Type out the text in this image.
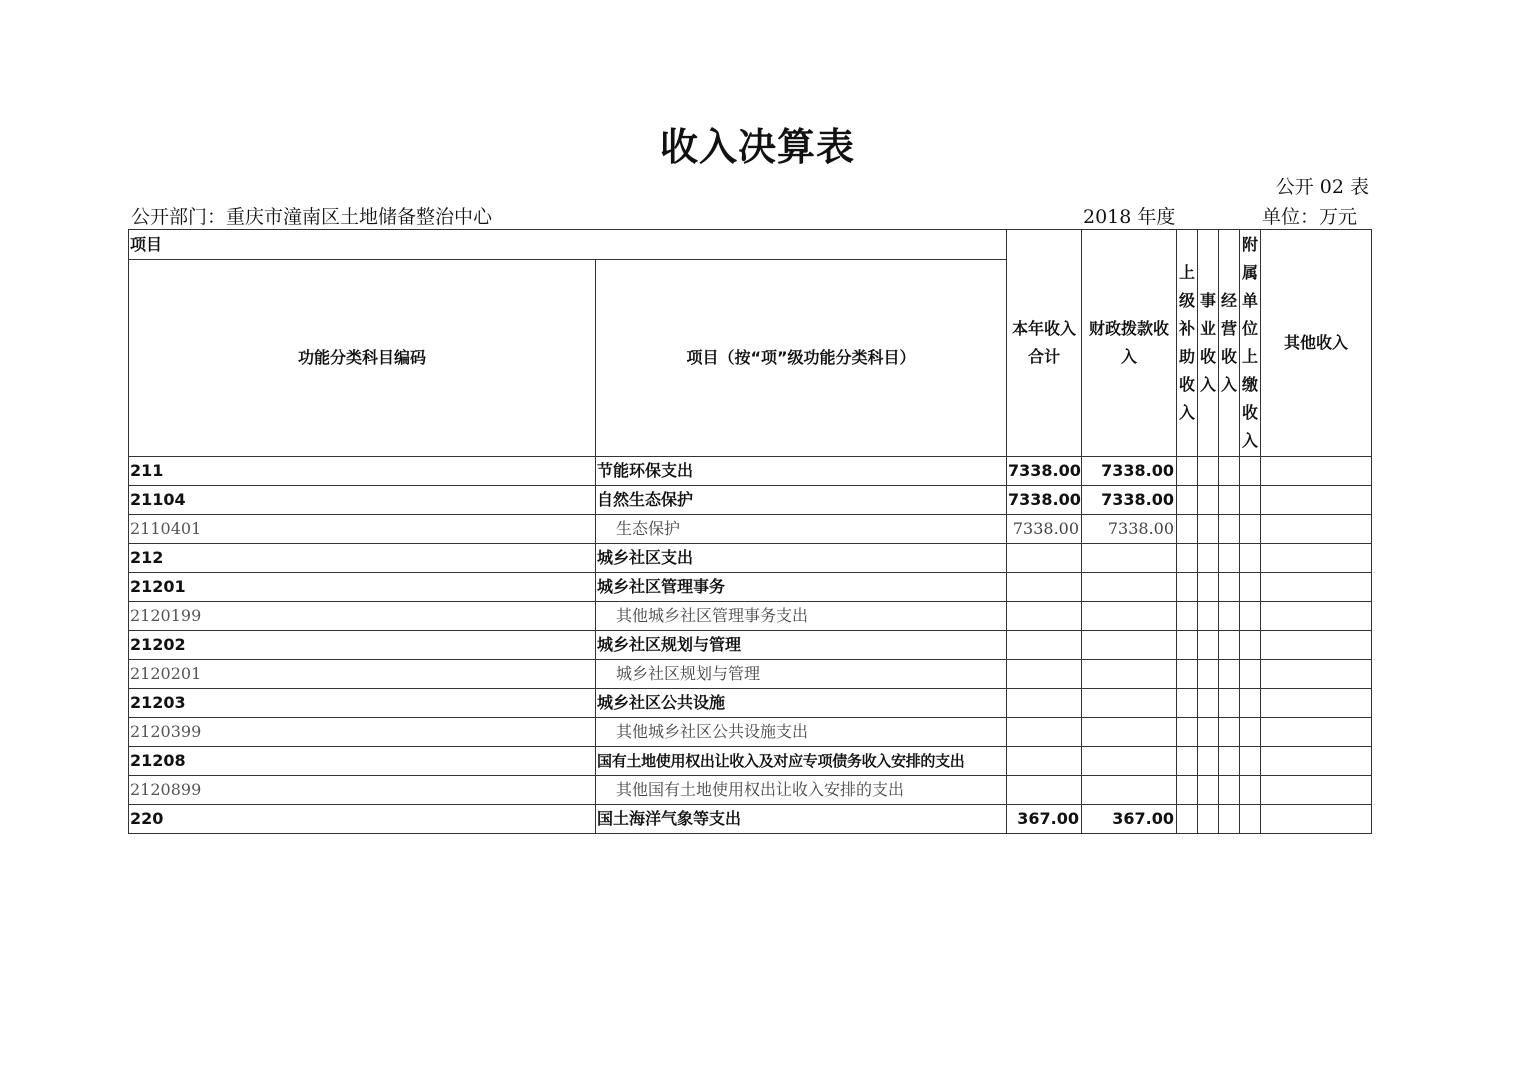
收入决算表
公开 02 表
公开部门：重庆市潼南区土地储备整治中心	2018 年度	单位：万元
项目		本年收入合计	财政拨款收入	上级补助收入	事业收入	经营收入	附属单位上缴收入	其他收入
功能分类科目编码	项目（按“项”级功能分类科目）							
211	节能环保支出	7338.00	7338.00					
21104	自然生态保护	7338.00	7338.00					
2110401	生态保护	7338.00	7338.00					
212	城乡社区支出							
21201	城乡社区管理事务							
2120199	其他城乡社区管理事务支出							
21202	城乡社区规划与管理							
2120201	城乡社区规划与管理							
21203	城乡社区公共设施							
2120399	其他城乡社区公共设施支出							
21208	国有土地使用权出让收入及对应专项债务收入安排的支出							
2120899	其他国有土地使用权出让收入安排的支出							
220	国土海洋气象等支出	367.00	367.00					
